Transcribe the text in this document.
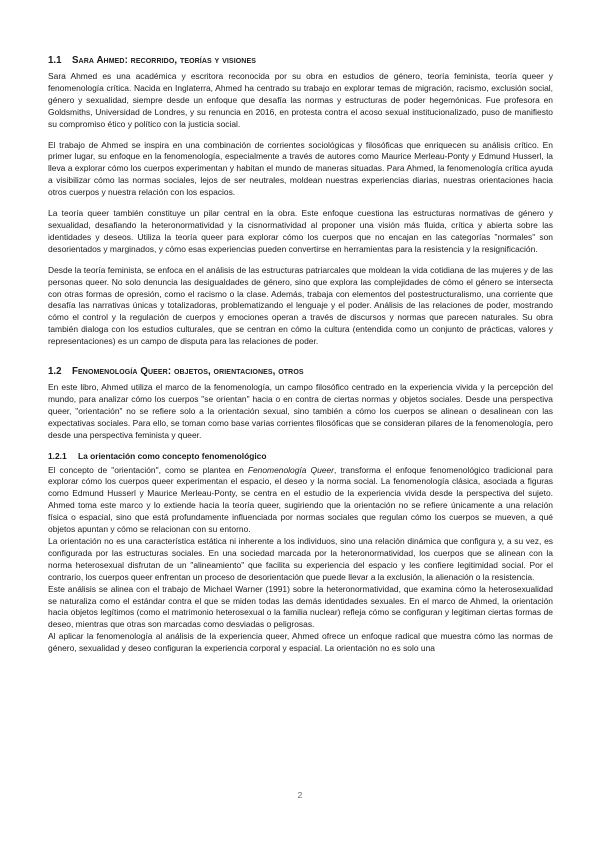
1.1	Sara Ahmed: recorrido, teorías y visiones

Sara Ahmed es una académica y escritora reconocida por su obra en estudios de género, teoría feminista, teoría queer y fenomenología crítica. Nacida en Inglaterra, Ahmed ha centrado su trabajo en explorar temas de migración, racismo, exclusión social, género y sexualidad, siempre desde un enfoque que desafía las normas y estructuras de poder hegemónicas. Fue profesora en Goldsmiths, Universidad de Londres, y su renuncia en 2016, en protesta contra el acoso sexual institucionalizado, puso de manifiesto su compromiso ético y político con la justicia social.

El trabajo de Ahmed se inspira en una combinación de corrientes sociológicas y filosóficas que enriquecen su análisis crítico. En primer lugar, su enfoque en la fenomenología, especialmente a través de autores como Maurice Merleau-Ponty y Edmund Husserl, la lleva a explorar cómo los cuerpos experimentan y habitan el mundo de maneras situadas. Para Ahmed, la fenomenología crítica ayuda a visibilizar cómo las normas sociales, lejos de ser neutrales, moldean nuestras experiencias diarias, nuestras orientaciones hacia otros cuerpos y nuestra relación con los espacios.

La teoría queer también constituye un pilar central en la obra. Este enfoque cuestiona las estructuras normativas de género y sexualidad, desafiando la heteronormatividad y la cisnormatividad al proponer una visión más fluida, crítica y abierta sobre las identidades y deseos. Utiliza la teoría queer para explorar cómo los cuerpos que no encajan en las categorías "normales" son desorientados y marginados, y cómo esas experiencias pueden convertirse en herramientas para la resistencia y la resignificación.

Desde la teoría feminista, se enfoca en el análisis de las estructuras patriarcales que moldean la vida cotidiana de las mujeres y de las personas queer. No solo denuncia las desigualdades de género, sino que explora las complejidades de cómo el género se intersecta con otras formas de opresión, como el racismo o la clase. Además, trabaja con elementos del postestructuralismo, una corriente que desafía las narrativas únicas y totalizadoras, problematizando el lenguaje y el poder. Análisis de las relaciones de poder, mostrando cómo el control y la regulación de cuerpos y emociones operan a través de discursos y normas que parecen naturales. Su obra también dialoga con los estudios culturales, que se centran en cómo la cultura (entendida como un conjunto de prácticas, valores y representaciones) es un campo de disputa para las relaciones de poder.

1.2	Fenomenología Queer: objetos, orientaciones, otros

En este libro, Ahmed utiliza el marco de la fenomenología, un campo filosófico centrado en la experiencia vivida y la percepción del mundo, para analizar cómo los cuerpos "se orientan" hacia o en contra de ciertas normas y objetos sociales. Desde una perspectiva queer, "orientación" no se refiere solo a la orientación sexual, sino también a cómo los cuerpos se alinean o desalinean con las expectativas sociales. Para ello, se toman como base varias corrientes filosóficas que se consideran pilares de la fenomenología, pero desde una perspectiva feminista y queer.

1.2.1	La orientación como concepto fenomenológico

El concepto de "orientación", como se plantea en Fenomenología Queer, transforma el enfoque fenomenológico tradicional para explorar cómo los cuerpos queer experimentan el espacio, el deseo y la norma social. La fenomenología clásica, asociada a figuras como Edmund Husserl y Maurice Merleau-Ponty, se centra en el estudio de la experiencia vivida desde la perspectiva del sujeto. Ahmed toma este marco y lo extiende hacia la teoría queer, sugiriendo que la orientación no se refiere únicamente a una relación física o espacial, sino que está profundamente influenciada por normas sociales que regulan cómo los cuerpos se mueven, a qué objetos apuntan y cómo se relacionan con su entorno.

La orientación no es una característica estática ni inherente a los individuos, sino una relación dinámica que configura y, a su vez, es configurada por las estructuras sociales. En una sociedad marcada por la heteronormatividad, los cuerpos que se alinean con la norma heterosexual disfrutan de un "alineamiento" que facilita su experiencia del espacio y les confiere legitimidad social. Por el contrario, los cuerpos queer enfrentan un proceso de desorientación que puede llevar a la exclusión, la alienación o la resistencia.

Este análisis se alinea con el trabajo de Michael Warner (1991) sobre la heteronormatividad, que examina cómo la heterosexualidad se naturaliza como el estándar contra el que se miden todas las demás identidades sexuales. En el marco de Ahmed, la orientación hacia objetos legítimos (como el matrimonio heterosexual o la familia nuclear) refleja cómo se configuran y legitiman ciertas formas de deseo, mientras que otras son marcadas como desviadas o peligrosas.

Al aplicar la fenomenología al análisis de la experiencia queer, Ahmed ofrece un enfoque radical que muestra cómo las normas de género, sexualidad y deseo configuran la experiencia corporal y espacial. La orientación no es solo una

2
